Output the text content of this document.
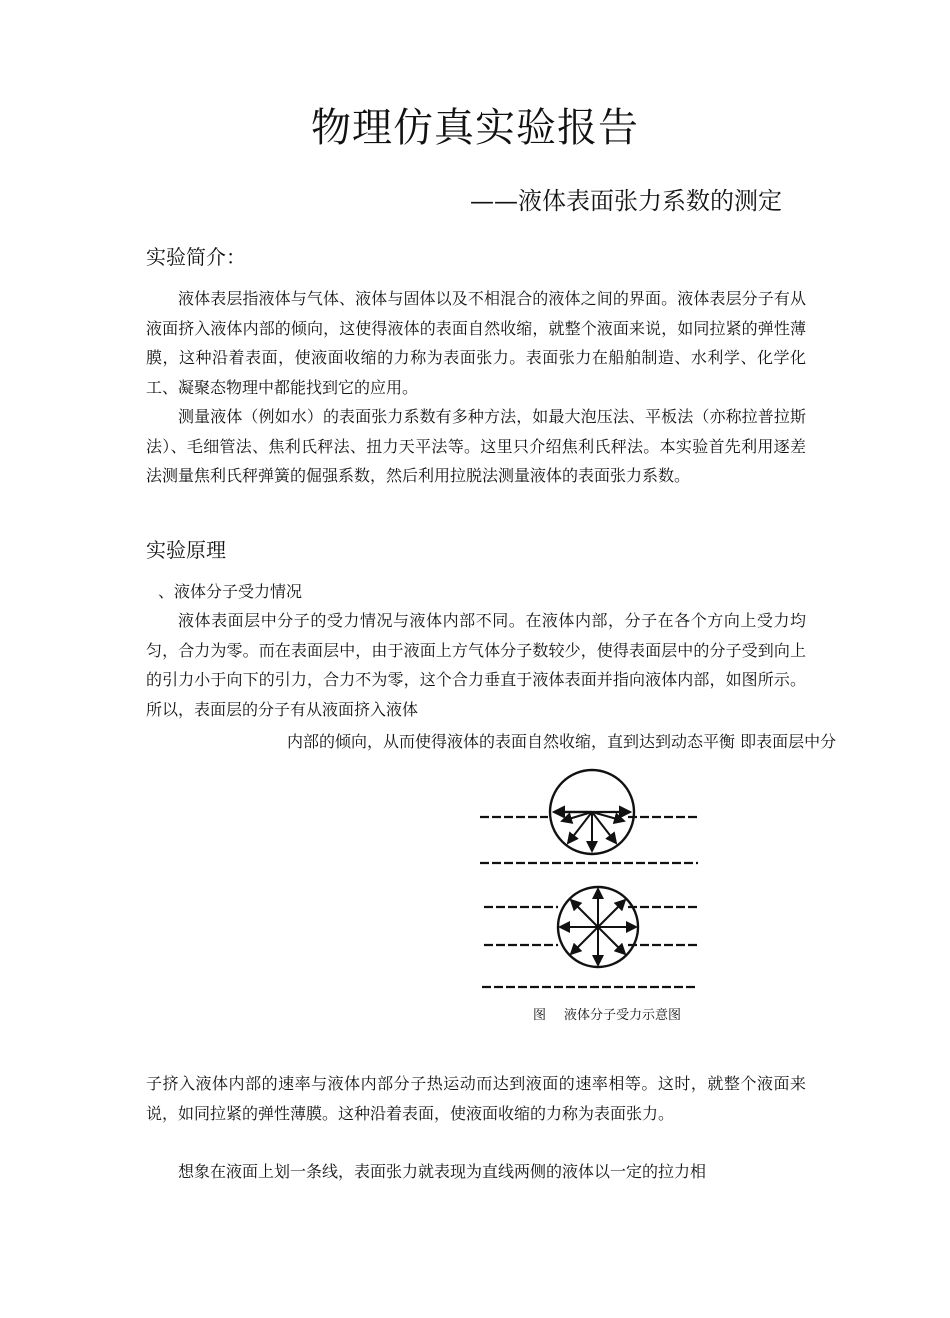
物理仿真实验报告
——液体表面张力系数的测定
实验简介：
液体表层指液体与气体、液体与固体以及不相混合的液体之间的界面。液体表层分子有从液面挤入液体内部的倾向，这使得液体的表面自然收缩，就整个液面来说，如同拉紧的弹性薄膜，这种沿着表面，使液面收缩的力称为表面张力。表面张力在船舶制造、水利学、化学化工、凝聚态物理中都能找到它的应用。
测量液体（例如水）的表面张力系数有多种方法，如最大泡压法、平板法（亦称拉普拉斯法）、毛细管法、焦利氏秤法、扭力天平法等。这里只介绍焦利氏秤法。本实验首先利用逐差法测量焦利氏秤弹簧的倔强系数，然后利用拉脱法测量液体的表面张力系数。
实验原理
、液体分子受力情况
液体表面层中分子的受力情况与液体内部不同。在液体内部，分子在各个方向上受力均匀，合力为零。而在表面层中，由于液面上方气体分子数较少，使得表面层中的分子受到向上的引力小于向下的引力，合力不为零，这个合力垂直于液体表面并指向液体内部，如图所示。所以，表面层的分子有从液面挤入液体
内部的倾向，从而使得液体的表面自然收缩，直到达到动态平衡 即表面层中分
图 液体分子受力示意图
子挤入液体内部的速率与液体内部分子热运动而达到液面的速率相等。这时，就整个液面来说，如同拉紧的弹性薄膜。这种沿着表面，使液面收缩的力称为表面张力。
想象在液面上划一条线，表面张力就表现为直线两侧的液体以一定的拉力相
